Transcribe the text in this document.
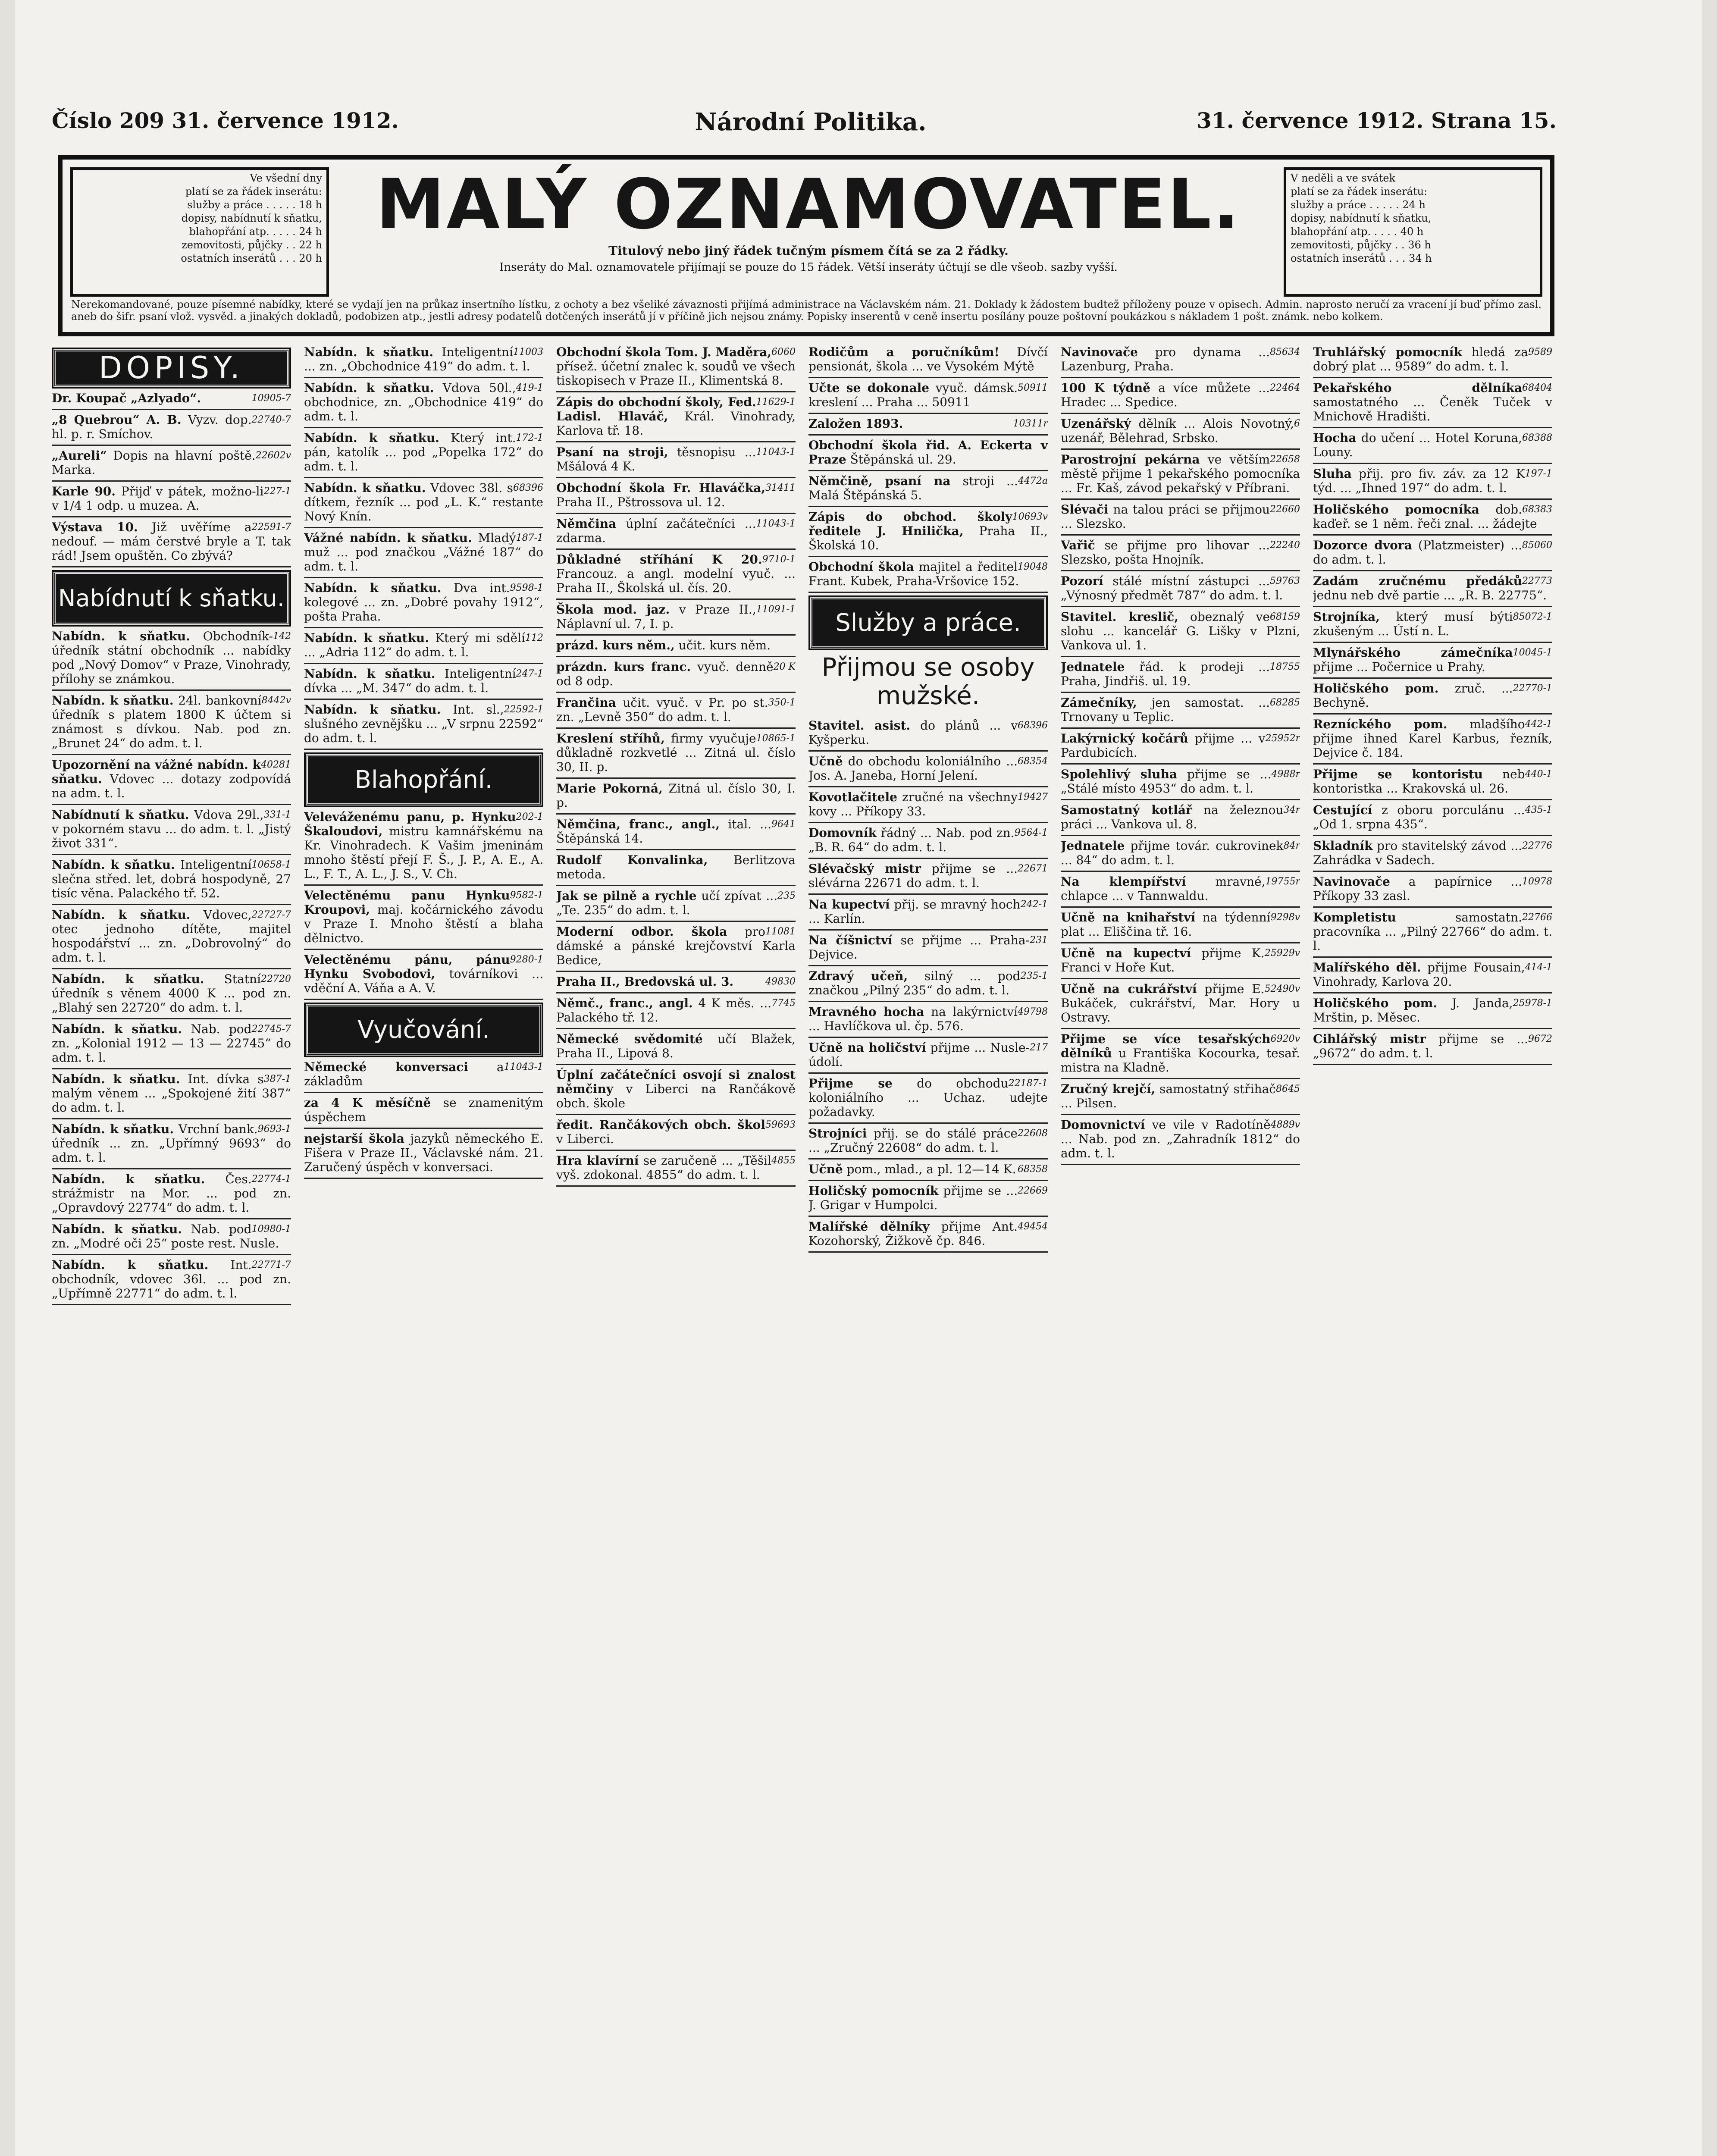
Číslo 209 31. července 1912.	Národní Politika.	31. července 1912. Strana 15.
Ve všední dny
platí se za řádek inserátu:
služby a práce . . . . . 18 h
dopisy, nabídnutí k sňatku,
blahopřání atp. . . . . 24 h
zemovitosti, půjčky . . 22 h
ostatních inserátů . . . 20 h
V neděli a ve svátek
platí se za řádek inserátu:
služby a práce . . . . . 24 h
dopisy, nabídnutí k sňatku,
blahopřání atp. . . . . 40 h
zemovitosti, půjčky . . 36 h
ostatních inserátů . . . 34 h
MALÝ OZNAMOVATEL.
Titulový nebo jiný řádek tučným písmem čítá se za 2 řádky.
Inseráty do Mal. oznamovatele přijímají se pouze do 15 řádek. Větší inseráty účtují se dle všeob. sazby vyšší.
Nerekomandované, pouze písemné nabídky, které se vydají jen na průkaz insertního lístku, z ochoty a bez všeliké závaznosti přijímá administrace na Václavském nám. 21. Doklady k žádostem budtež příloženy pouze v opisech. Admin. naprosto neručí za vracení jí buď přímo zasl. aneb do šifr. psaní vlož. vysvěd. a jinakých dokladů, podobizen atp., jestli adresy podatelů dotčených inserátů jí v příčině jich nejsou známy. Popisky inserentů v ceně insertu posílány pouze poštovní poukázkou s nákladem 1 pošt. známk. nebo kolkem.
DOPISY.
10905-7
Dr. Koupač „Azlyado“.
22740-7
„8 Quebrou“ A. B. Vyzv. dop. hl. p. r. Smíchov.
22602v
„Aureli“ Dopis na hlavní poště. Marka.
227-1
Karle 90. Přijď v pátek, možno-li v 1/4 1 odp. u muzea. A.
22591-7
Výstava 10. Již uvěříme a nedouf. — mám čerstvé bryle a T. tak rád! Jsem opuštěn. Co zbývá?
Nabídnutí k sňatku.
142
Nabídn. k sňatku. Obchodník-úředník státní obchodník ... nabídky pod „Nový Domov“ v Praze, Vinohrady, přílohy se známkou.
8442v
Nabídn. k sňatku. 24l. bankovní úředník s platem 1800 K účtem si známost s dívkou. Nab. pod zn. „Brunet 24“ do adm. t. l.
40281
Upozornění na vážné nabídn. k sňatku. Vdovec ... dotazy zodpovídá na adm. t. l.
331-1
Nabídnutí k sňatku. Vdova 29l., v pokorném stavu ... do adm. t. l. „Jistý život 331“.
10658-1
Nabídn. k sňatku. Inteligentní slečna střed. let, dobrá hospodyně, 27 tisíc věna. Palackého tř. 52.
22727-7
Nabídn. k sňatku. Vdovec, otec jednoho dítěte, majitel hospodářství ... zn. „Dobrovolný“ do adm. t. l.
22720
Nabídn. k sňatku. Statní úředník s věnem 4000 K ... pod zn. „Blahý sen 22720“ do adm. t. l.
22745-7
Nabídn. k sňatku. Nab. pod zn. „Kolonial 1912 — 13 — 22745“ do adm. t. l.
387-1
Nabídn. k sňatku. Int. dívka s malým věnem ... „Spokojené žití 387“ do adm. t. l.
9693-1
Nabídn. k sňatku. Vrchní bank. úředník ... zn. „Upřímný 9693“ do adm. t. l.
22774-1
Nabídn. k sňatku. Čes. strážmistr na Mor. ... pod zn. „Opravdový 22774“ do adm. t. l.
10980-1
Nabídn. k sňatku. Nab. pod zn. „Modré oči 25“ poste rest. Nusle.
22771-7
Nabídn. k sňatku. Int. obchodník, vdovec 36l. ... pod zn. „Upřímně 22771“ do adm. t. l.
11003
Nabídn. k sňatku. Inteligentní ... zn. „Obchodnice 419“ do adm. t. l.
419-1
Nabídn. k sňatku. Vdova 50l., obchodnice, zn. „Obchodnice 419“ do adm. t. l.
172-1
Nabídn. k sňatku. Který int. pán, katolík ... pod „Popelka 172“ do adm. t. l.
68396
Nabídn. k sňatku. Vdovec 38l. s dítkem, řezník ... pod „L. K.“ restante Nový Knín.
187-1
Vážné nabídn. k sňatku. Mladý muž ... pod značkou „Vážné 187“ do adm. t. l.
9598-1
Nabídn. k sňatku. Dva int. kolegové ... zn. „Dobré povahy 1912“, pošta Praha.
112
Nabídn. k sňatku. Který mi sdělí ... „Adria 112“ do adm. t. l.
247-1
Nabídn. k sňatku. Inteligentní dívka ... „M. 347“ do adm. t. l.
22592-1
Nabídn. k sňatku. Int. sl., slušného zevnějšku ... „V srpnu 22592“ do adm. t. l.
Blahopřání.
202-1
Veleváženému panu, p. Hynku Škaloudovi, mistru kamnářskému na Kr. Vinohradech. K Vašim jmeninám mnoho štěstí přejí F. Š., J. P., A. E., A. L., F. T., A. L., J. S., V. Ch.
9582-1
Velectěnému panu Hynku Kroupovi, maj. kočárnického závodu v Praze I. Mnoho štěstí a blaha dělnictvo.
9280-1
Velectěnému pánu, pánu Hynku Svobodovi, továrníkovi ... vděční A. Váňa a A. V.
Vyučování.
11043-1
Německé konversaci a základům
za 4 K měsíčně se znamenitým úspěchem
nejstarší škola jazyků německého E. Fišera v Praze II., Václavské nám. 21. Zaručený úspěch v konversaci.
6060
Obchodní škola Tom. J. Maděra, přísež. účetní znalec k. soudů ve všech tiskopisech v Praze II., Klimentská 8.
11629-1
Zápis do obchodní školy, Fed. Ladisl. Hlaváč, Král. Vinohrady, Karlova tř. 18.
11043-1
Psaní na stroji, těsnopisu ... Mšálová 4 K.
31411
Obchodní škola Fr. Hlaváčka, Praha II., Pštrossova ul. 12.
11043-1
Němčina úplní začátečníci ... zdarma.
9710-1
Důkladné stříhání K 20. Francouz. a angl. modelní vyuč. ... Praha II., Školská ul. čís. 20.
11091-1
Škola mod. jaz. v Praze II., Náplavní ul. 7, I. p.
prázd. kurs něm., učit. kurs něm.
20 K
prázdn. kurs franc. vyuč. denně od 8 odp.
350-1
Frančina učit. vyuč. v Pr. po st. zn. „Levně 350“ do adm. t. l.
10865-1
Kreslení stříhů, firmy vyučuje důkladně rozkvetlé ... Zitná ul. číslo 30, II. p.
Marie Pokorná, Zitná ul. číslo 30, I. p.
9641
Němčina, franc., angl., ital. ... Štěpánská 14.
Rudolf Konvalinka, Berlitzova metoda.
235
Jak se pilně a rychle učí zpívat ... „Te. 235“ do adm. t. l.
11081
Moderní odbor. škola pro dámské a pánské krejčovství Karla Bedice,
49830
Praha II., Bredovská ul. 3.
7745
Němč., franc., angl. 4 K měs. ... Palackého tř. 12.
Německé svědomité učí Blažek, Praha II., Lipová 8.
Úplní začátečníci osvojí si znalost němčiny v Liberci na Rančákově obch. škole
59693
ředit. Rančákových obch. škol v Liberci.
4855
Hra klavírní se zaručeně ... „Těšil vyš. zdokonal. 4855“ do adm. t. l.
Rodičům a poručníkům! Dívčí pensionát, škola ... ve Vysokém Mýtě
50911
Učte se dokonale vyuč. dámsk. kreslení ... Praha ... 50911
10311r
Založen 1893.
Obchodní škola řid. A. Eckerta v Praze Štěpánská ul. 29.
4472a
Němčině, psaní na stroji ... Malá Štěpánská 5.
10693v
Zápis do obchod. školy ředitele J. Hnilička, Praha II., Školská 10.
19048
Obchodní škola majitel a ředitel Frant. Kubek, Praha-Vršovice 152.
Služby a práce.
Přijmou se osoby mužské.
68396
Stavitel. asist. do plánů ... v Kyšperku.
68354
Učně do obchodu koloniálního ... Jos. A. Janeba, Horní Jelení.
19427
Kovotlačitele zručné na všechny kovy ... Příkopy 33.
9564-1
Domovník řádný ... Nab. pod zn. „B. R. 64“ do adm. t. l.
22671
Slévačský mistr přijme se ... slévárna 22671 do adm. t. l.
242-1
Na kupectví přij. se mravný hoch ... Karlín.
231
Na číšnictví se přijme ... Praha-Dejvice.
235-1
Zdravý učeň, silný ... pod značkou „Pilný 235“ do adm. t. l.
49798
Mravného hocha na lakýrnictví ... Havlíčkova ul. čp. 576.
217
Učně na holičství přijme ... Nusle-údolí.
22187-1
Přijme se do obchodu koloniálního ... Uchaz. udejte požadavky.
22608
Strojníci přij. se do stálé práce ... „Zručný 22608“ do adm. t. l.
68358
Učně pom., mlad., a pl. 12—14 K.
22669
Holičský pomocník přijme se ... J. Grigar v Humpolci.
49454
Malířské dělníky přijme Ant. Kozohorský, Žižkově čp. 846.
85634
Navinovače pro dynama ... Lazenburg, Praha.
22464
100 K týdně a více můžete ... Hradec ... Spedice.
6
Uzenářský dělník ... Alois Novotný, uzenář, Bělehrad, Srbsko.
22658
Parostrojní pekárna ve větším městě přijme 1 pekařského pomocníka ... Fr. Kaš, závod pekařský v Příbrani.
22660
Slévači na talou práci se přijmou ... Slezsko.
22240
Vařič se přijme pro lihovar ... Slezsko, pošta Hnojník.
59763
Pozorí stálé místní zástupci ... „Výnosný předmět 787“ do adm. t. l.
68159
Stavitel. kreslič, obeznalý ve slohu ... kancelář G. Lišky v Plzni, Vankova ul. 1.
18755
Jednatele řád. k prodeji ... Praha, Jindřiš. ul. 19.
68285
Zámečníky, jen samostat. ... Trnovany u Teplic.
25952r
Lakýrnický kočárů přijme ... v Pardubicích.
4988r
Spolehlivý sluha přijme se ... „Stálé místo 4953“ do adm. t. l.
34r
Samostatný kotlář na železnou práci ... Vankova ul. 8.
84r
Jednatele přijme továr. cukrovinek ... 84“ do adm. t. l.
19755r
Na klempířství mravné, chlapce ... v Tannwaldu.
9298v
Učně na knihařství na týdenní plat ... Eliščina tř. 16.
25929v
Učně na kupectví přijme K. Franci v Hoře Kut.
52490v
Učně na cukrářství přijme E. Bukáček, cukrářství, Mar. Hory u Ostravy.
6920v
Přijme se více tesařských dělníků u Františka Kocourka, tesař. mistra na Kladně.
8645
Zručný krejčí, samostatný střihač ... Pilsen.
4889v
Domovnictví ve vile v Radotíně ... Nab. pod zn. „Zahradník 1812“ do adm. t. l.
9589
Truhlářský pomocník hledá za dobrý plat ... 9589“ do adm. t. l.
68404
Pekařského dělníka samostatného ... Čeněk Tuček v Mnichově Hradišti.
68388
Hocha do učení ... Hotel Koruna, Louny.
197-1
Sluha přij. pro fiv. záv. za 12 K týd. ... „Ihned 197“ do adm. t. l.
68383
Holičského pomocníka dob. kaďeř. se 1 něm. řeči znal. ... žádejte
85060
Dozorce dvora (Platzmeister) ... do adm. t. l.
22773
Zadám zručnému předáků jednu neb dvě partie ... „R. B. 22775“.
85072-1
Strojníka, který musí býti zkušeným ... Ústí n. L.
10045-1
Mlynářského zámečníka přijme ... Počernice u Prahy.
22770-1
Holičského pom. zruč. ... Bechyně.
442-1
Rezníckého pom. mladšího přijme ihned Karel Karbus, řezník, Dejvice č. 184.
440-1
Přijme se kontoristu neb kontoristka ... Krakovská ul. 26.
435-1
Cestující z oboru porculánu ... „Od 1. srpna 435“.
22776
Skladník pro stavitelský závod ... Zahrádka v Sadech.
10978
Navinovače a papírnice ... Příkopy 33 zasl.
22766
Kompletistu	samostatn. pracovníka ... „Pilný 22766“ do adm. t. l.
414-1
Malířského děl. přijme Fousain, Vinohrady, Karlova 20.
25978-1
Holičského pom. J. Janda, Mrštin, p. Měsec.
9672
Cihlářský mistr přijme se ... „9672“ do adm. t. l.
